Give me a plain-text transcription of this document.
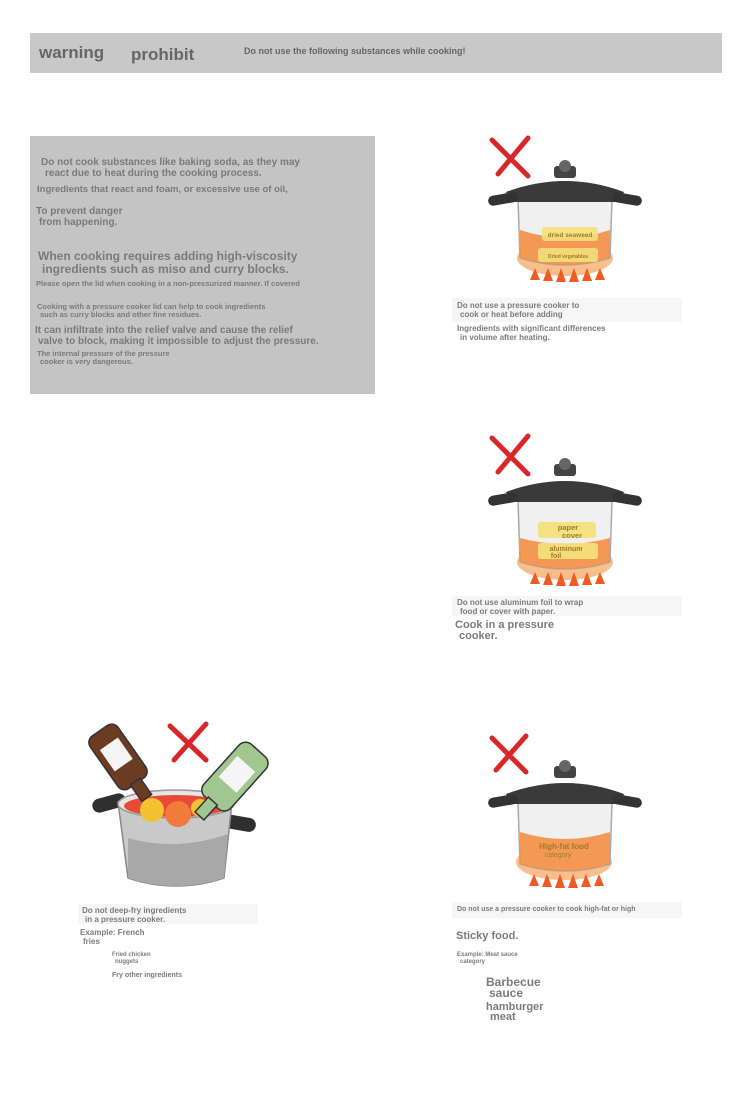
warning prohibit	Do not use the following substances while cooking!
Do not cook substances like baking soda, as they may
react due to heat during the cooking process.
Ingredients that react and foam, or excessive use of oil,
To prevent danger
from happening.
When cooking requires adding high-viscosity
ingredients such as miso and curry blocks.
Please open the lid when cooking in a non-pressurized manner. If covered
Cooking with a pressure cooker lid can help to cook ingredients
such as curry blocks and other fine residues.
It can infiltrate into the relief valve and cause the relief
valve to block, making it impossible to adjust the pressure.
The internal pressure of the pressure
cooker is very dangerous.
dried seaweed
Dried vegetables
Do not use a pressure cooker to
cook or heat before adding
Ingredients with significant differences
in volume after heating.
paper
cover
aluminum
foil
Do not use aluminum foil to wrap
food or cover with paper.
Cook in a pressure
cooker.
Do not deep-fry ingredients
in a pressure cooker.
Example: French
fries
Fried chicken
nuggets
Fry other ingredients
High-fat food
category
Do not use a pressure cooker to cook high-fat or high
Sticky food.
Example: Meat sauce
category
Barbecue
sauce
hamburger
meat
